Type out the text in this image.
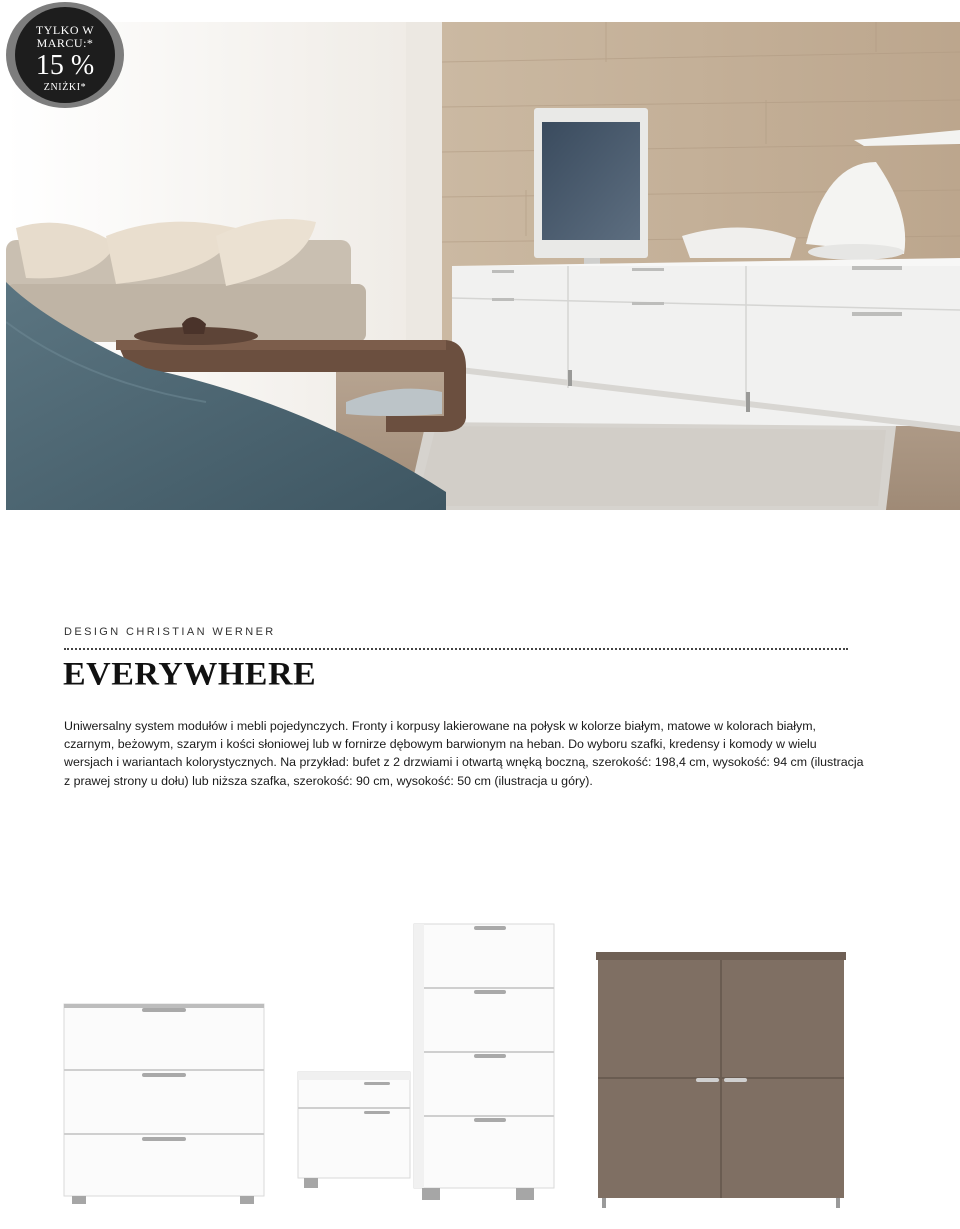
TYLKO W
MARCU:*
15 %
ZNIŻKI*
DESIGN CHRISTIAN WERNER
EVERYWHERE
Uniwersalny system modułów i mebli pojedynczych. Fronty i korpusy lakierowane na połysk w kolorze białym, matowe w kolorach białym,
czarnym, beżowym, szarym i kości słoniowej lub w fornirze dębowym barwionym na heban. Do wyboru szafki, kredensy i komody w wielu
wersjach i wariantach kolorystycznych. Na przykład: bufet z 2 drzwiami i otwartą wnęką boczną, szerokość: 198,4 cm, wysokość: 94 cm (ilustracja
z prawej strony u dołu) lub niższa szafka, szerokość: 90 cm, wysokość: 50 cm (ilustracja u góry).
